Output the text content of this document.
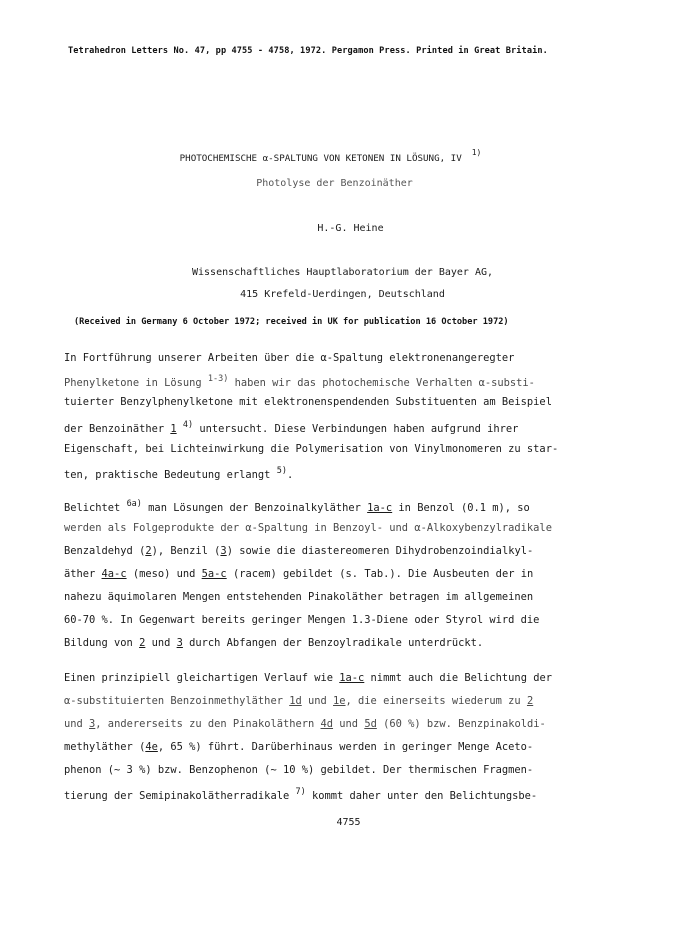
Tetrahedron Letters No. 47, pp 4755 - 4758, 1972. Pergamon Press. Printed in Great Britain.
PHOTOCHEMISCHE α-SPALTUNG VON KETONEN IN LÖSUNG, IV$^{1)}$
Photolyse der Benzoinäther
H.-G. Heine
Wissenschaftliches Hauptlaboratorium der Bayer AG,
415 Krefeld-Uerdingen, Deutschland
(Received in Germany 6 October 1972; received in UK for publication 16 October 1972)
In Fortführung unserer Arbeiten über die α-Spaltung elektronenangeregter
Phenylketone in Lösung $^{1-3)}$ haben wir das photochemische Verhalten α-substi-
tuierter Benzylphenylketone mit elektronenspendenden Substituenten am Beispiel
der Benzoinäther 1 $^{4)}$ untersucht. Diese Verbindungen haben aufgrund ihrer
Eigenschaft, bei Lichteinwirkung die Polymerisation von Vinylmonomeren zu star-
ten, praktische Bedeutung erlangt $^{5)}$.
Belichtet $^{6a)}$ man Lösungen der Benzoinalkyläther 1a-c in Benzol (0.1 m), so
werden als Folgeprodukte der α-Spaltung in Benzoyl- und α-Alkoxybenzylradikale
Benzaldehyd (2), Benzil (3) sowie die diastereomeren Dihydrobenzoindialkyl-
äther 4a-c (meso) und 5a-c (racem) gebildet (s. Tab.). Die Ausbeuten der in
nahezu äquimolaren Mengen entstehenden Pinakoläther betragen im allgemeinen
60-70 %. In Gegenwart bereits geringer Mengen 1.3-Diene oder Styrol wird die
Bildung von 2 und 3 durch Abfangen der Benzoylradikale unterdrückt.
Einen prinzipiell gleichartigen Verlauf wie 1a-c nimmt auch die Belichtung der
α-substituierten Benzoinmethyläther 1d und 1e, die einerseits wiederum zu 2
und 3, andererseits zu den Pinakoläthern 4d und 5d (60 %) bzw. Benzpinakoldi-
methyläther (4e, 65 %) führt. Darüberhinaus werden in geringer Menge Aceto-
phenon (~ 3 %) bzw. Benzophenon (~ 10 %) gebildet. Der thermischen Fragmen-
tierung der Semipinakolätherradikale $^{7)}$ kommt daher unter den Belichtungsbe-
4755
